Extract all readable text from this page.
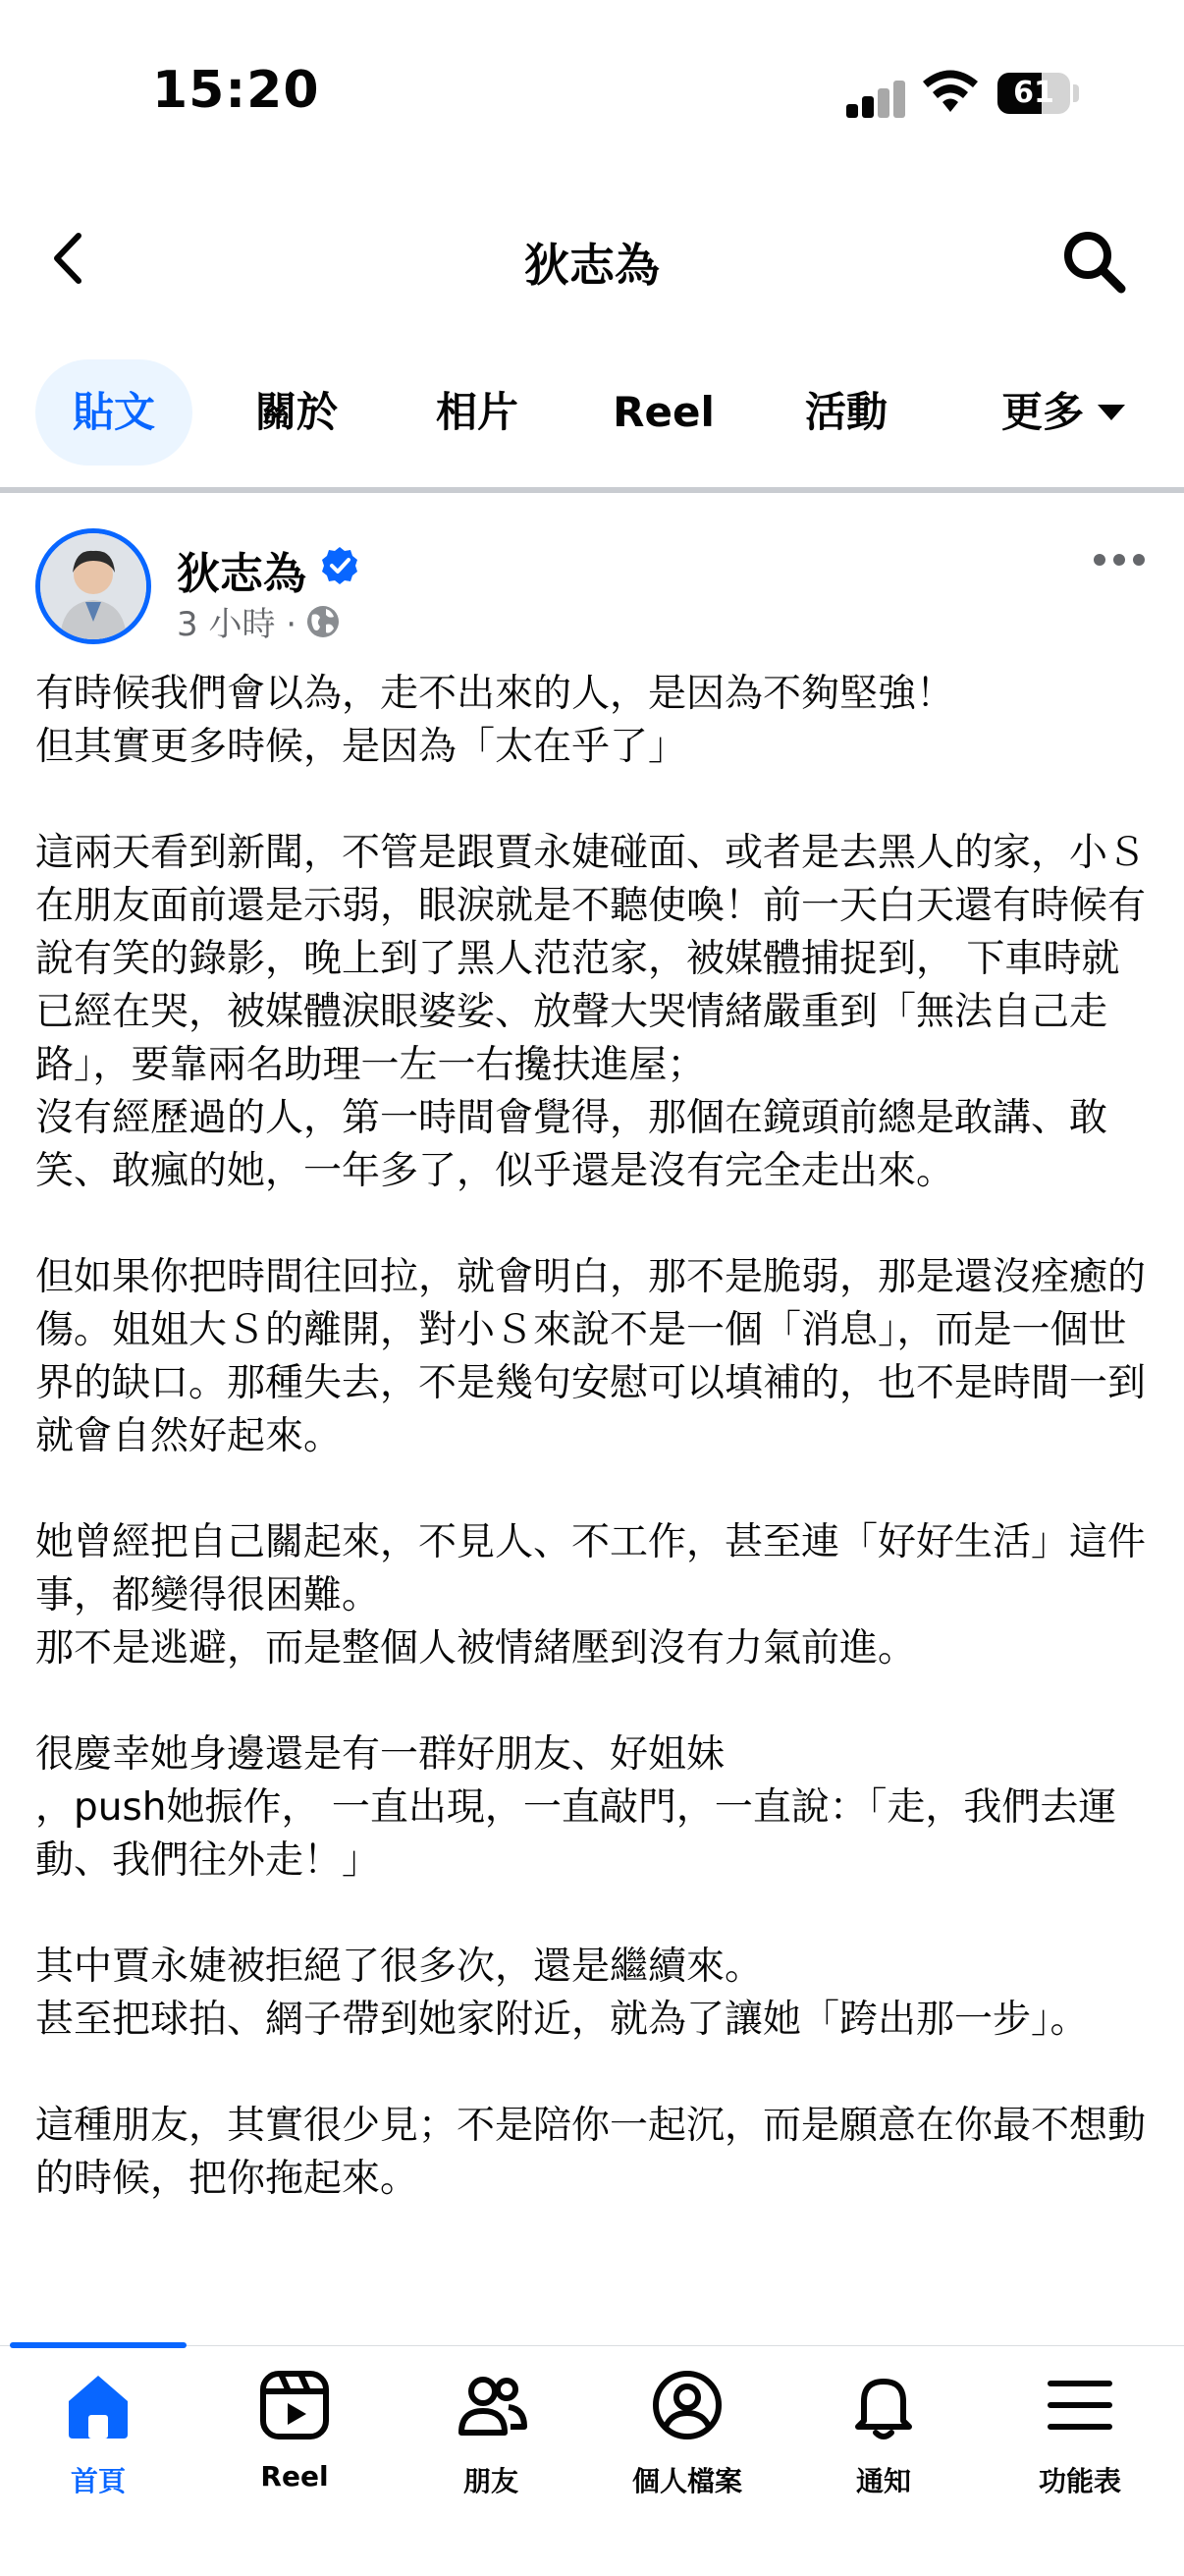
15:20	61
狄志為
貼文	關於	相片	Reel	活動	更多
狄志為
3 小時 ·

有時候我們會以為，走不出來的人，是因為不夠堅強！
但其實更多時候，是因為「太在乎了」

這兩天看到新聞，不管是跟賈永婕碰面、或者是去黑人的家，小Ｓ在朋友面前還是示弱，眼淚就是不聽使喚！前一天白天還有時候有說有笑的錄影，晚上到了黑人范范家，被媒體捕捉到， 下車時就已經在哭，被媒體淚眼婆娑、放聲大哭情緒嚴重到「無法自己走路」，要靠兩名助理一左一右攙扶進屋；
沒有經歷過的人，第一時間會覺得，那個在鏡頭前總是敢講、敢笑、敢瘋的她，一年多了，似乎還是沒有完全走出來。

但如果你把時間往回拉，就會明白，那不是脆弱，那是還沒痊癒的傷。姐姐大Ｓ的離開，對小Ｓ來說不是一個「消息」，而是一個世界的缺口。那種失去，不是幾句安慰可以填補的，也不是時間一到就會自然好起來。

她曾經把自己關起來，不見人、不工作，甚至連「好好生活」這件事，都變得很困難。
那不是逃避，而是整個人被情緒壓到沒有力氣前進。

很慶幸她身邊還是有一群好朋友、好姐妹
，push她振作， 一直出現，一直敲門，一直說：「走，我們去運動、我們往外走！」

其中賈永婕被拒絕了很多次，還是繼續來。
甚至把球拍、網子帶到她家附近，就為了讓她「跨出那一步」。

這種朋友，其實很少見；不是陪你一起沉，而是願意在你最不想動的時候，把你拖起來。

首頁	Reel	朋友	個人檔案	通知	功能表
